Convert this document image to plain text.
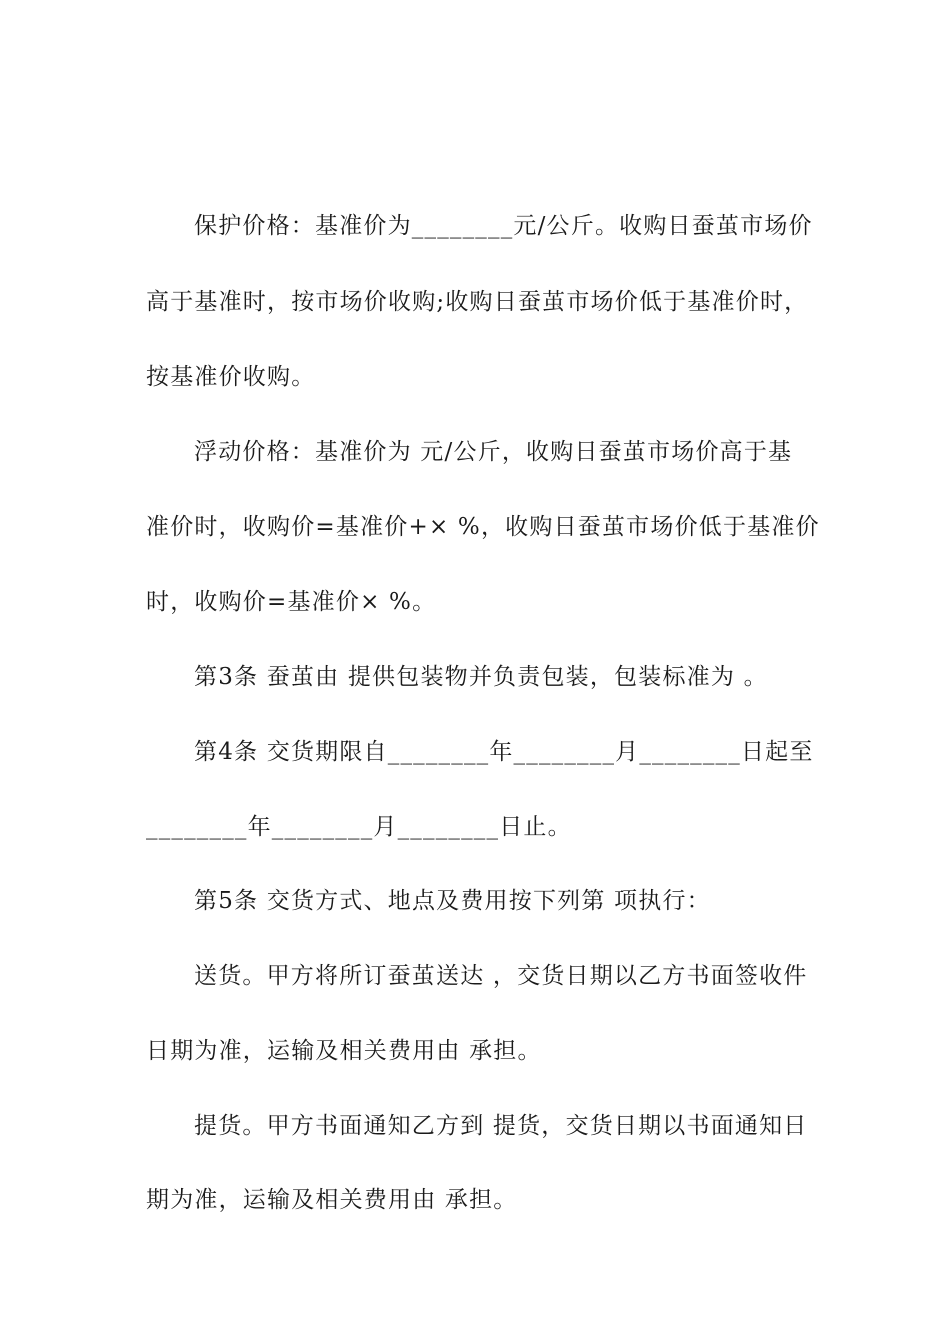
保护价格：基准价为________元/公斤。收购日蚕茧市场价
高于基准时，按市场价收购;收购日蚕茧市场价低于基准价时，
按基准价收购。
浮动价格：基准价为 元/公斤，收购日蚕茧市场价高于基
准价时，收购价=基准价+× %，收购日蚕茧市场价低于基准价
时，收购价=基准价× %。
第3条 蚕茧由 提供包装物并负责包装，包装标准为 。
第4条 交货期限自________年________月________日起至
________年________月________日止。
第5条 交货方式、地点及费用按下列第 项执行：
送货。甲方将所订蚕茧送达 ，交货日期以乙方书面签收件
日期为准，运输及相关费用由 承担。
提货。甲方书面通知乙方到 提货，交货日期以书面通知日
期为准，运输及相关费用由 承担。
